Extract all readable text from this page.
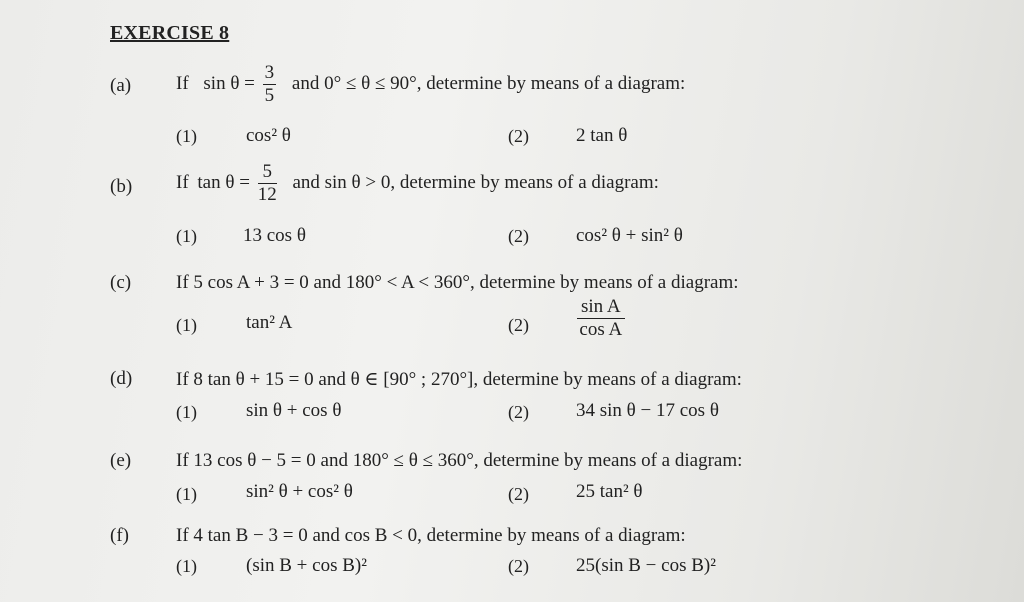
EXERCISE 8
(a) If $\sin \theta = \frac{3}{5}$ and 0° ≤ θ ≤ 90°, determine by means of a diagram:
(1)	cos² θ	(2) 2 tan θ
(b) If $\tan \theta = \frac{5}{12}$ and sin θ > 0, determine by means of a diagram:
(1) 13 cos θ	(2) cos² θ + sin² θ
(c) If 5 cos A + 3 = 0 and 180° < A < 360°, determine by means of a diagram:
(1)	tan² A	(2)	$\frac{\text{sin A}}{\text{cos A}}$
(d) If 8 tan θ + 15 = 0 and θ ∈ [90° ; 270°], determine by means of a diagram:
(1)	sin θ + cos θ	(2) 34 sin θ − 17 cos θ
(e) If 13 cos θ − 5 = 0 and 180° ≤ θ ≤ 360°, determine by means of a diagram:
(1)	sin² θ + cos² θ	(2) 25 tan² θ
(f) If 4 tan B − 3 = 0 and cos B < 0, determine by means of a diagram:
(1)	(sin B + cos B)²	(2) 25(sin B − cos B)²
